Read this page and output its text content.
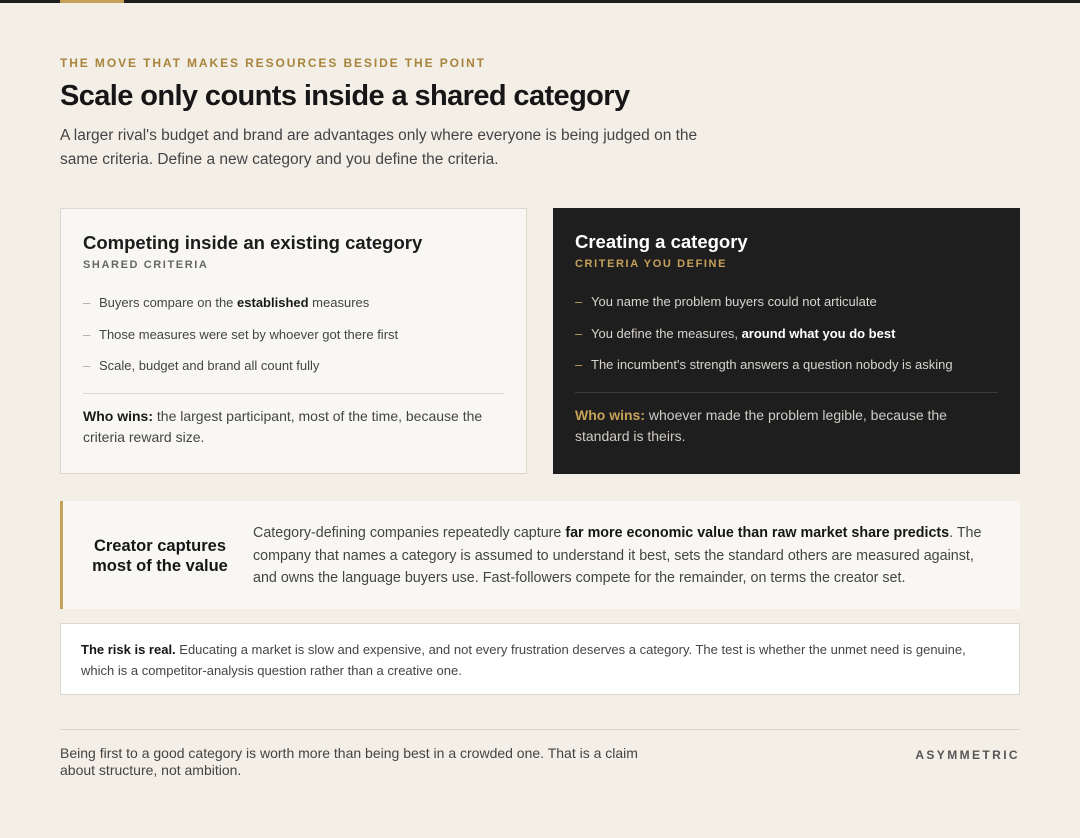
THE MOVE THAT MAKES RESOURCES BESIDE THE POINT
Scale only counts inside a shared category

A larger rival's budget and brand are advantages only where everyone is being judged on the same criteria. Define a new category and you define the criteria.

Competing inside an existing category
SHARED CRITERIA
– Buyers compare on the established measures
– Those measures were set by whoever got there first
– Scale, budget and brand all count fully
Who wins: the largest participant, most of the time, because the criteria reward size.
Creating a category
CRITERIA YOU DEFINE
– You name the problem buyers could not articulate
– You define the measures, around what you do best
– The incumbent's strength answers a question nobody is asking
Who wins: whoever made the problem legible, because the standard is theirs.
Creator captures most of the value
Category-defining companies repeatedly capture far more economic value than raw market share predicts. The company that names a category is assumed to understand it best, sets the standard others are measured against, and owns the language buyers use. Fast-followers compete for the remainder, on terms the creator set.
The risk is real. Educating a market is slow and expensive, and not every frustration deserves a category. The test is whether the unmet need is genuine, which is a competitor-analysis question rather than a creative one.
Being first to a good category is worth more than being best in a crowded one. That is a claim about structure, not ambition.
ASYMMETRIC
